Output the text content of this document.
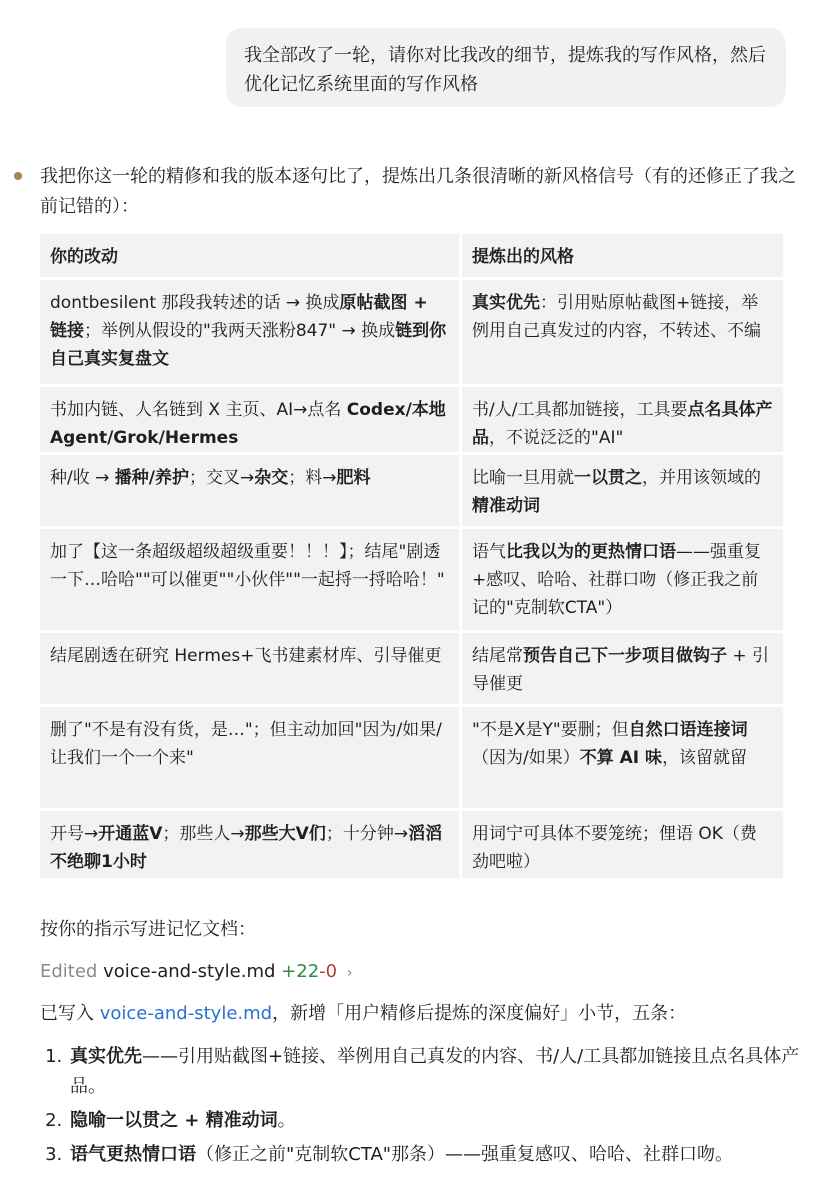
我全部改了一轮，请你对比我改的细节，提炼我的写作风格，然后优化记忆系统里面的写作风格
我把你这一轮的精修和我的版本逐句比了，提炼出几条很清晰的新风格信号（有的还修正了我之前记错的）：
你的改动	提炼出的风格
dontbesilent 那段我转述的话 → 换成原帖截图 + 链接；举例从假设的"我两天涨粉847" → 换成链到你自己真实复盘文	真实优先：引用贴原帖截图+链接，举例用自己真发过的内容，不转述、不编
书加内链、人名链到 X 主页、AI→点名 Codex/本地Agent/Grok/Hermes	书/人/工具都加链接，工具要点名具体产品，不说泛泛的"AI"
种/收 → 播种/养护；交叉→杂交；料→肥料	比喻一旦用就一以贯之，并用该领域的精准动词
加了【这一条超级超级超级重要！！！】；结尾"剧透一下…哈哈""可以催更""小伙伴""一起捋一捋哈哈！"	语气比我以为的更热情口语——强重复+感叹、哈哈、社群口吻（修正我之前记的"克制软CTA"）
结尾剧透在研究 Hermes+飞书建素材库、引导催更	结尾常预告自己下一步项目做钩子 + 引导催更
删了"不是有没有货，是…"；但主动加回"因为/如果/让我们一个一个来"	"不是X是Y"要删；但自然口语连接词（因为/如果）不算 AI 味，该留就留
开号→开通蓝V；那些人→那些大V们；十分钟→滔滔不绝聊1小时	用词宁可具体不要笼统；俚语 OK（费劲吧啦）
按你的指示写进记忆文档：
Edited voice-and-style.md +22-0 ›
已写入 voice-and-style.md，新增「用户精修后提炼的深度偏好」小节，五条：
1. 真实优先——引用贴截图+链接、举例用自己真发的内容、书/人/工具都加链接且点名具体产品。
2. 隐喻一以贯之 + 精准动词。
3. 语气更热情口语（修正之前"克制软CTA"那条）——强重复感叹、哈哈、社群口吻。
